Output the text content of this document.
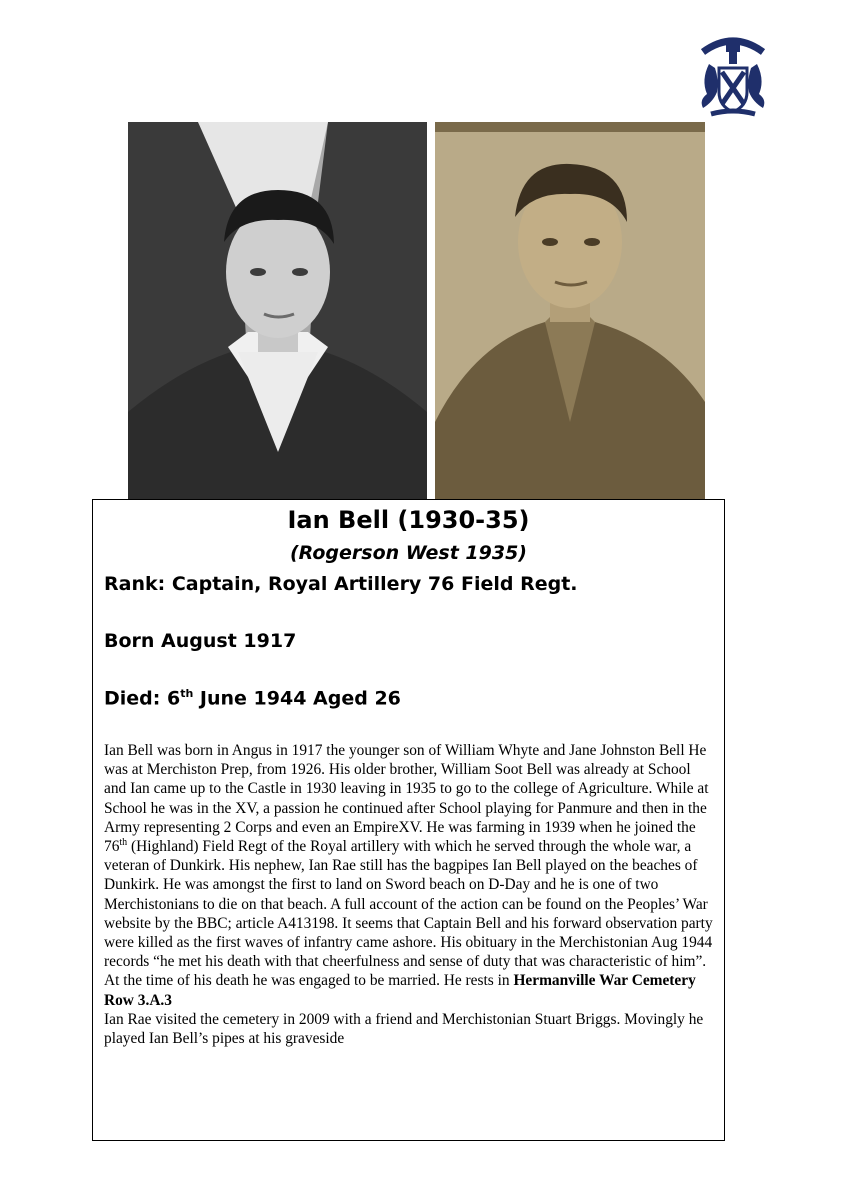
Ian Bell (1930-35)
(Rogerson West 1935)
Rank: Captain, Royal Artillery 76 Field Regt.
Born August 1917
Died: 6th June 1944 Aged 26
Ian Bell was born in Angus in 1917 the younger son of William Whyte and Jane Johnston Bell He was at Merchiston Prep, from 1926. His older brother, William Soot Bell was already at School and Ian came up to the Castle in 1930 leaving in 1935 to go to the college of Agriculture. While at School he was in the XV, a passion he continued after School playing for Panmure and then in the Army representing 2 Corps and even an EmpireXV. He was farming in 1939 when he joined the 76th (Highland) Field Regt of the Royal artillery with which he served through the whole war, a veteran of Dunkirk. His nephew, Ian Rae still has the bagpipes Ian Bell played on the beaches of Dunkirk. He was amongst the first to land on Sword beach on D-Day and he is one of two Merchistonians to die on that beach. A full account of the action can be found on the Peoples’ War website by the BBC; article A413198. It seems that Captain Bell and his forward observation party were killed as the first waves of infantry came ashore. His obituary in the Merchistonian Aug 1944 records “he met his death with that cheerfulness and sense of duty that was characteristic of him”. At the time of his death he was engaged to be married. He rests in Hermanville War Cemetery Row 3.A.3
Ian Rae visited the cemetery in 2009 with a friend and Merchistonian Stuart Briggs. Movingly he played Ian Bell’s pipes at his graveside
